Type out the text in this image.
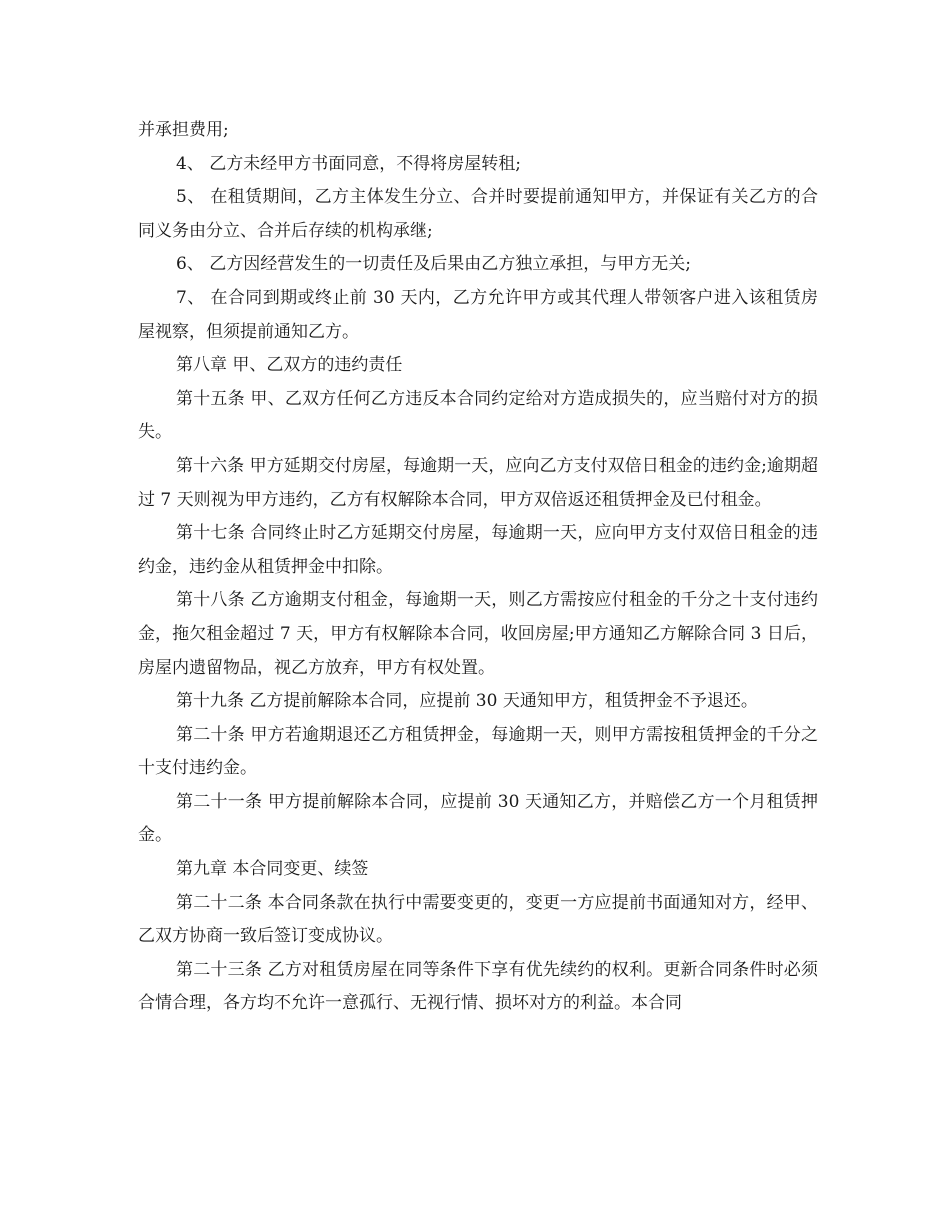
并承担费用;

4、 乙方未经甲方书面同意，不得将房屋转租;

5、 在租赁期间，乙方主体发生分立、合并时要提前通知甲方，并保证有关乙方的合同义务由分立、合并后存续的机构承继;

6、 乙方因经营发生的一切责任及后果由乙方独立承担，与甲方无关;

7、 在合同到期或终止前 30 天内，乙方允许甲方或其代理人带领客户进入该租赁房屋视察，但须提前通知乙方。

第八章 甲、乙双方的违约责任

第十五条 甲、乙双方任何乙方违反本合同约定给对方造成损失的，应当赔付对方的损失。

第十六条 甲方延期交付房屋，每逾期一天，应向乙方支付双倍日租金的违约金;逾期超过 7 天则视为甲方违约，乙方有权解除本合同，甲方双倍返还租赁押金及已付租金。

第十七条 合同终止时乙方延期交付房屋，每逾期一天，应向甲方支付双倍日租金的违约金，违约金从租赁押金中扣除。

第十八条 乙方逾期支付租金，每逾期一天，则乙方需按应付租金的千分之十支付违约金，拖欠租金超过 7 天，甲方有权解除本合同，收回房屋;甲方通知乙方解除合同 3 日后，房屋内遗留物品，视乙方放弃，甲方有权处置。

第十九条 乙方提前解除本合同，应提前 30 天通知甲方，租赁押金不予退还。

第二十条 甲方若逾期退还乙方租赁押金，每逾期一天，则甲方需按租赁押金的千分之十支付违约金。

第二十一条 甲方提前解除本合同，应提前 30 天通知乙方，并赔偿乙方一个月租赁押金。

第九章 本合同变更、续签

第二十二条 本合同条款在执行中需要变更的，变更一方应提前书面通知对方，经甲、乙双方协商一致后签订变成协议。

第二十三条 乙方对租赁房屋在同等条件下享有优先续约的权利。更新合同条件时必须合情合理，各方均不允许一意孤行、无视行情、损坏对方的利益。本合同
